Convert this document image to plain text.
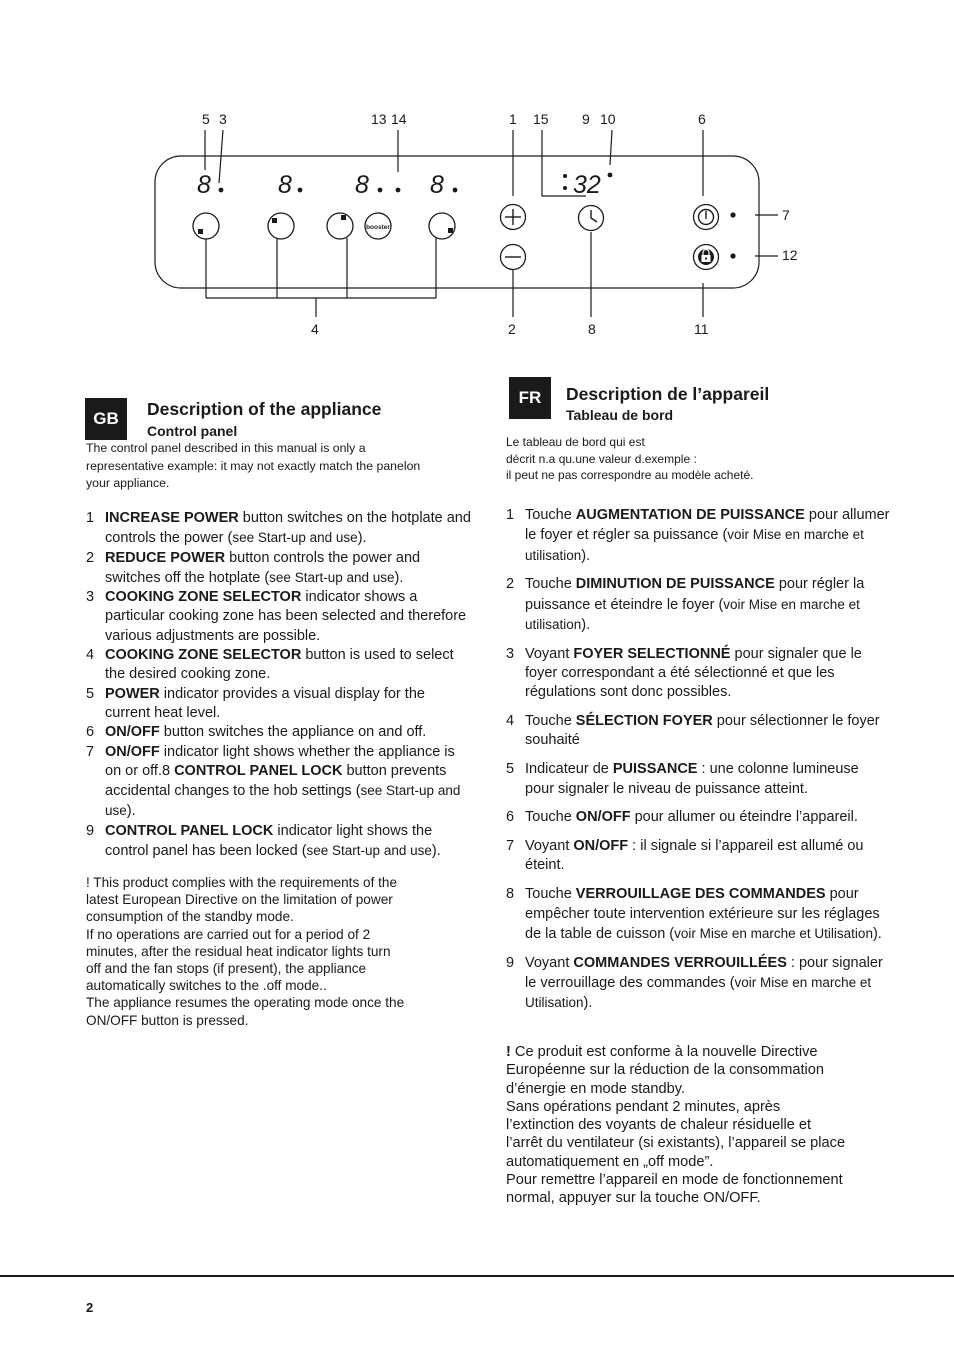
5 3	13 14	1 15 9 10	6
7
12
4	2	8	11
8	8	8 8	32
booster
GB	Description of the appliance
Control panel
The control panel described in this manual is only a
representative example: it may not exactly match the panelon
your appliance.
1 INCREASE POWER button switches on the hotplate and controls the power (see Start-up and use).
2 REDUCE POWER button controls the power and switches off the hotplate (see Start-up and use).
3 COOKING ZONE SELECTOR indicator shows a particular cooking zone has been selected and therefore various adjustments are possible.
4 COOKING ZONE SELECTOR button is used to select the desired cooking zone.
5 POWER indicator provides a visual display for the current heat level.
6 ON/OFF button switches the appliance on and off.
7 ON/OFF indicator light shows whether the appliance is on or off.8 CONTROL PANEL LOCK button prevents accidental changes to the hob settings (see Start-up and use).
9 CONTROL PANEL LOCK indicator light shows the control panel has been locked (see Start-up and use).
! This product complies with the requirements of the
latest European Directive on the limitation of power
consumption of the standby mode.
If no operations are carried out for a period of 2
minutes, after the residual heat indicator lights turn
off and the fan stops (if present), the appliance
automatically switches to the .off mode..
The appliance resumes the operating mode once the
ON/OFF button is pressed.
FR	Description de l’appareil
Tableau de bord
Le tableau de bord qui est
décrit n.a qu.une valeur d.exemple :
il peut ne pas correspondre au modèle acheté.
1 Touche AUGMENTATION DE PUISSANCE pour allumer le foyer et régler sa puissance (voir Mise en marche et utilisation).
2 Touche DIMINUTION DE PUISSANCE pour régler la puissance et éteindre le foyer (voir Mise en marche et utilisation).
3 Voyant FOYER SELECTIONNÉ pour signaler que le foyer correspondant a été sélectionné et que les régulations sont donc possibles.
4 Touche SÉLECTION FOYER pour sélectionner le foyer souhaité
5 Indicateur de PUISSANCE : une colonne lumineuse pour signaler le niveau de puissance atteint.
6 Touche ON/OFF pour allumer ou éteindre l’appareil.
7 Voyant ON/OFF : il signale si l’appareil est allumé ou éteint.
8 Touche VERROUILLAGE DES COMMANDES pour empêcher toute intervention extérieure sur les réglages de la table de cuisson (voir Mise en marche et Utilisation).
9 Voyant COMMANDES VERROUILLÉES : pour signaler le verrouillage des commandes (voir Mise en marche et Utilisation).
! Ce produit est conforme à la nouvelle Directive
Européenne sur la réduction de la consommation
d’énergie en mode standby.
Sans opérations pendant 2 minutes, après
l’extinction des voyants de chaleur résiduelle et
l’arrêt du ventilateur (si existants), l’appareil se place
automatiquement en „off mode”.
Pour remettre l’appareil en mode de fonctionnement
normal, appuyer sur la touche ON/OFF.
2
